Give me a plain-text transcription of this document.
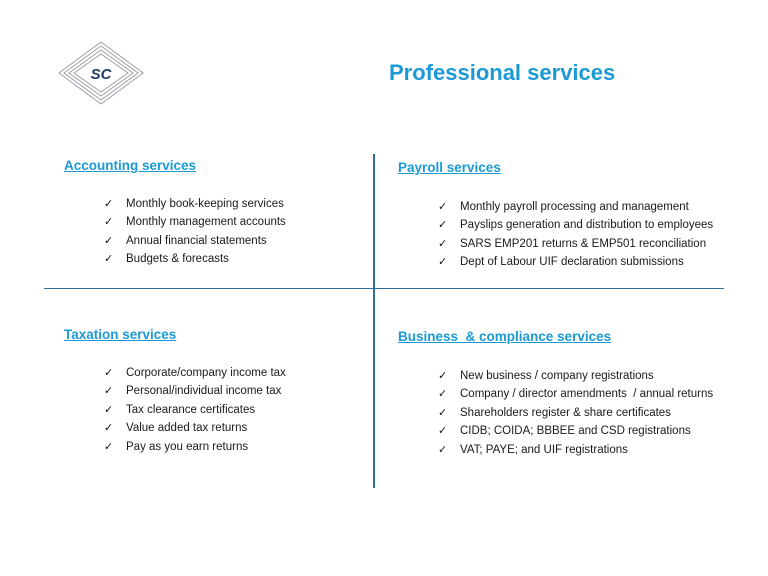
SC	Professional services

Accounting services

✓	Monthly book-keeping services
✓	Monthly management accounts
✓	Annual financial statements
✓	Budgets & forecasts

Payroll services

✓	Monthly payroll processing and management
✓	Payslips generation and distribution to employees
✓	SARS EMP201 returns & EMP501 reconciliation
✓	Dept of Labour UIF declaration submissions

Taxation services

✓	Corporate/company income tax
✓	Personal/individual income tax
✓	Tax clearance certificates
✓	Value added tax returns
✓	Pay as you earn returns

Business  & compliance services

✓	New business / company registrations
✓	Company / director amendments  / annual returns
✓	Shareholders register & share certificates
✓	CIDB; COIDA; BBBEE and CSD registrations
✓	VAT; PAYE; and UIF registrations
